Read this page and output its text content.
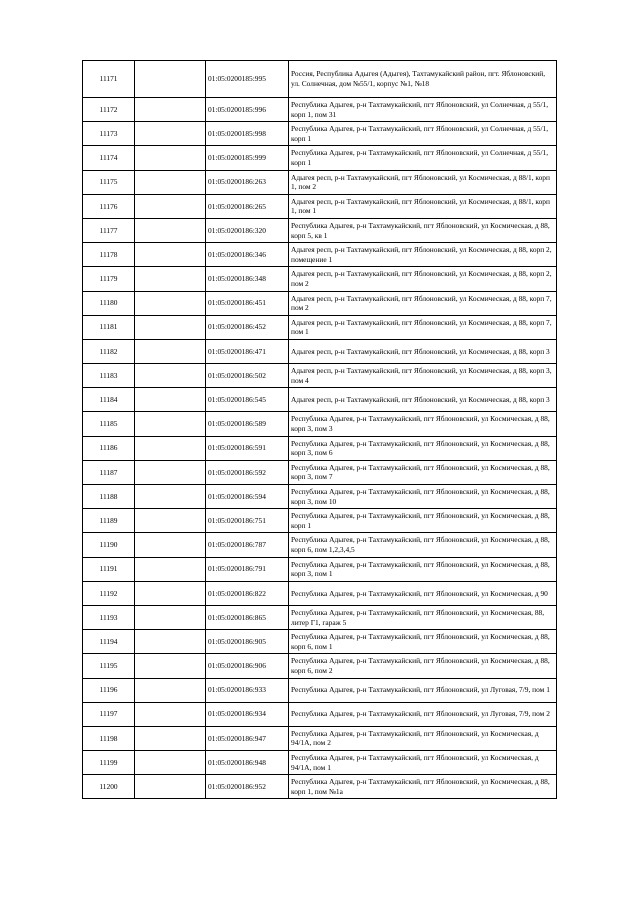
11171		01:05:0200185:995	Россия, Республика Адыгея (Адыгея), Тахтамукайский район, пгт. Яблоновский, ул. Солнечная, дом №55/1, корпус №1, №18
11172		01:05:0200185:996	Республика Адыгея, р-н Тахтамукайский, пгт Яблоновский, ул Солнечная, д 55/1, корп 1, пом 31
11173		01:05:0200185:998	Республика Адыгея, р-н Тахтамукайский, пгт Яблоновский, ул Солнечная, д 55/1, корп 1
11174		01:05:0200185:999	Республика Адыгея, р-н Тахтамукайский, пгт Яблоновский, ул Солнечная, д 55/1, корп 1
11175		01:05:0200186:263	Адыгея респ, р-н Тахтамукайский, пгт Яблоновский, ул Космическая, д 88/1, корп 1, пом 2
11176		01:05:0200186:265	Адыгея респ, р-н Тахтамукайский, пгт Яблоновский, ул Космическая, д 88/1, корп 1, пом 1
11177		01:05:0200186:320	Республика Адыгея, р-н Тахтамукайский, пгт Яблоновский, ул Космическая, д 88, корп 5, кв 1
11178		01:05:0200186:346	Адыгея респ, р-н Тахтамукайский, пгт Яблоновский, ул Космическая, д 88, корп 2, помещение 1
11179		01:05:0200186:348	Адыгея респ, р-н Тахтамукайский, пгт Яблоновский, ул Космическая, д 88, корп 2, пом 2
11180		01:05:0200186:451	Адыгея респ, р-н Тахтамукайский, пгт Яблоновский, ул Космическая, д 88, корп 7, пом 2
11181		01:05:0200186:452	Адыгея респ, р-н Тахтамукайский, пгт Яблоновский, ул Космическая, д 88, корп 7, пом 1
11182		01:05:0200186:471	Адыгея респ, р-н Тахтамукайский, пгт Яблоновский, ул Космическая, д 88, корп 3
11183		01:05:0200186:502	Адыгея респ, р-н Тахтамукайский, пгт Яблоновский, ул Космическая, д 88, корп 3, пом 4
11184		01:05:0200186:545	Адыгея респ, р-н Тахтамукайский, пгт Яблоновский, ул Космическая, д 88, корп 3
11185		01:05:0200186:589	Республика Адыгея, р-н Тахтамукайский, пгт Яблоновский, ул Космическая, д 88, корп 3, пом 3
11186		01:05:0200186:591	Республика Адыгея, р-н Тахтамукайский, пгт Яблоновский, ул Космическая, д 88, корп 3, пом 6
11187		01:05:0200186:592	Республика Адыгея, р-н Тахтамукайский, пгт Яблоновский, ул Космическая, д 88, корп 3, пом 7
11188		01:05:0200186:594	Республика Адыгея, р-н Тахтамукайский, пгт Яблоновский, ул Космическая, д 88, корп 3, пом 10
11189		01:05:0200186:751	Республика Адыгея, р-н Тахтамукайский, пгт Яблоновский, ул Космическая, д 88, корп 1
11190		01:05:0200186:787	Республика Адыгея, р-н Тахтамукайский, пгт Яблоновский, ул Космическая, д 88, корп 6, пом 1,2,3,4,5
11191		01:05:0200186:791	Республика Адыгея, р-н Тахтамукайский, пгт Яблоновский, ул Космическая, д 88, корп 3, пом 1
11192		01:05:0200186:822	Республика Адыгея, р-н Тахтамукайский, пгт Яблоновский, ул Космическая, д 90
11193		01:05:0200186:865	Республика Адыгея, р-н Тахтамукайский, пгт Яблоновский, ул Космическая, 88, литер Г1, гараж 5
11194		01:05:0200186:905	Республика Адыгея, р-н Тахтамукайский, пгт Яблоновский, ул Космическая, д 88, корп 6, пом 1
11195		01:05:0200186:906	Республика Адыгея, р-н Тахтамукайский, пгт Яблоновский, ул Космическая, д 88, корп 6, пом 2
11196		01:05:0200186:933	Республика Адыгея, р-н Тахтамукайский, пгт Яблоновский, ул Луговая, 7/9, пом 1
11197		01:05:0200186:934	Республика Адыгея, р-н Тахтамукайский, пгт Яблоновский, ул Луговая, 7/9, пом 2
11198		01:05:0200186:947	Республика Адыгея, р-н Тахтамукайский, пгт Яблоновский, ул Космическая, д 94/1А, пом 2
11199		01:05:0200186:948	Республика Адыгея, р-н Тахтамукайский, пгт Яблоновский, ул Космическая, д 94/1А, пом 1
11200		01:05:0200186:952	Республика Адыгея, р-н Тахтамукайский, пгт Яблоновский, ул Космическая, д 88, корп 1, пом №1а
